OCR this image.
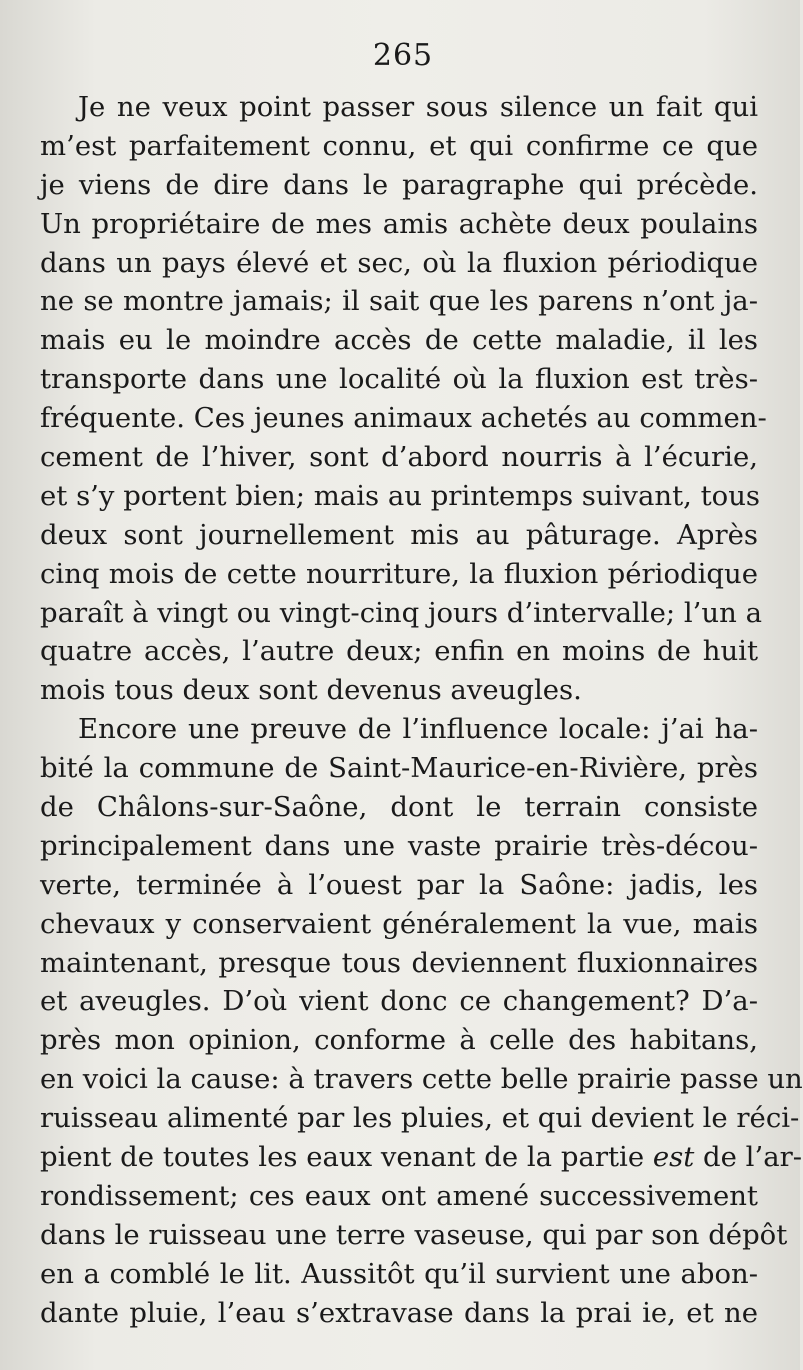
265
Je ne veux point passer sous silence un fait qui
m’est parfaitement connu, et qui confirme ce que
je viens de dire dans le paragraphe qui précède.
Un propriétaire de mes amis achète deux poulains
dans un pays élevé et sec, où la fluxion périodique
ne se montre jamais; il sait que les parens n’ont ja-
mais eu le moindre accès de cette maladie, il les
transporte dans une localité où la fluxion est très-
fréquente. Ces jeunes animaux achetés au commen-
cement de l’hiver, sont d’abord nourris à l’écurie,
et s’y portent bien; mais au printemps suivant, tous
deux sont journellement mis au pâturage. Après
cinq mois de cette nourriture, la fluxion périodique
paraît à vingt ou vingt-cinq jours d’intervalle; l’un a
quatre accès, l’autre deux; enfin en moins de huit
mois tous deux sont devenus aveugles.
Encore une preuve de l’influence locale: j’ai ha-
bité la commune de Saint-Maurice-en-Rivière, près
de Châlons-sur-Saône, dont le terrain consiste
principalement dans une vaste prairie très-décou-
verte, terminée à l’ouest par la Saône: jadis, les
chevaux y conservaient généralement la vue, mais
maintenant, presque tous deviennent fluxionnaires
et aveugles. D’où vient donc ce changement? D’a-
près mon opinion, conforme à celle des habitans,
en voici la cause: à travers cette belle prairie passe un
ruisseau alimenté par les pluies, et qui devient le réci-
pient de toutes les eaux venant de la partie est de l’ar-
rondissement; ces eaux ont amené successivement
dans le ruisseau une terre vaseuse, qui par son dépôt
en a comblé le lit. Aussitôt qu’il survient une abon-
dante pluie, l’eau s’extravase dans la prai ie, et ne
